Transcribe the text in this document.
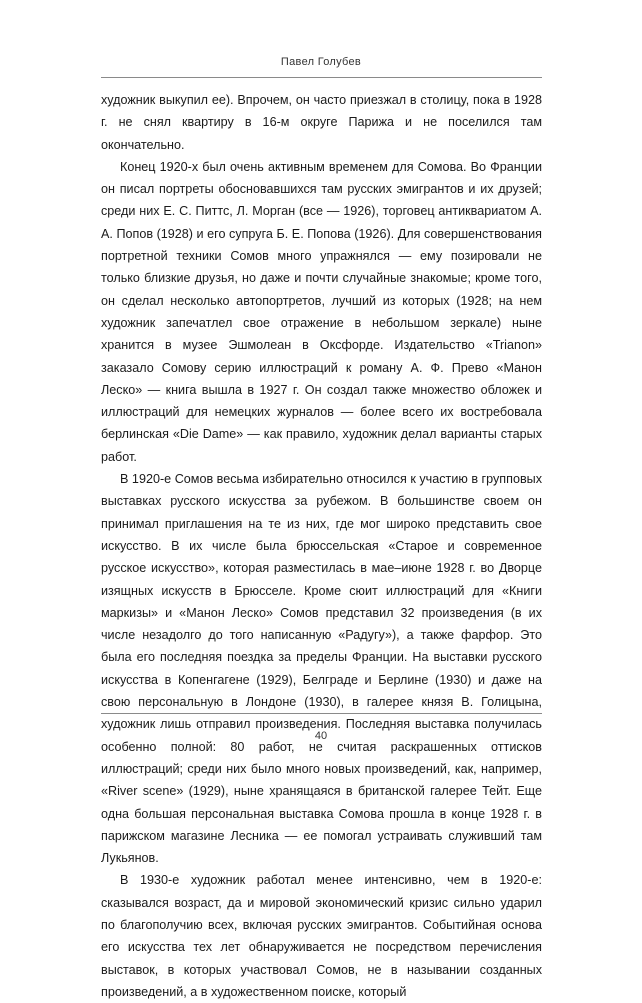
Павел Голубев

художник выкупил ее). Впрочем, он часто приезжал в столицу, пока в 1928 г. не снял квартиру в 16-м округе Парижа и не поселился там окончательно.

Конец 1920-х был очень активным временем для Сомова. Во Франции он писал портреты обосновавшихся там русских эмигрантов и их друзей; среди них Е. С. Питтс, Л. Морган (все — 1926), торговец антиквариатом А. А. Попов (1928) и его супруга Б. Е. Попова (1926). Для совершенствования портретной техники Сомов много упражнялся — ему позировали не только близкие друзья, но даже и почти случайные знакомые; кроме того, он сделал несколько автопортретов, лучший из которых (1928; на нем художник запечатлел свое отражение в небольшом зеркале) ныне хранится в музее Эшмолеан в Оксфорде. Издательство «Trianon» заказало Сомову серию иллюстраций к роману А. Ф. Прево «Манон Леско» — книга вышла в 1927 г. Он создал также множество обложек и иллюстраций для немецких журналов — более всего их востребовала берлинская «Die Dame» — как правило, художник делал варианты старых работ.

В 1920-е Сомов весьма избирательно относился к участию в групповых выставках русского искусства за рубежом. В большинстве своем он принимал приглашения на те из них, где мог широко представить свое искусство. В их числе была брюссельская «Старое и современное русское искусство», которая разместилась в мае–июне 1928 г. во Дворце изящных искусств в Брюсселе. Кроме сюит иллюстраций для «Книги маркизы» и «Манон Леско» Сомов представил 32 произведения (в их числе незадолго до того написанную «Радугу»), а также фарфор. Это была его последняя поездка за пределы Франции. На выставки русского искусства в Копенгагене (1929), Белграде и Берлине (1930) и даже на свою персональную в Лондоне (1930), в галерее князя В. Голицына, художник лишь отправил произведения. Последняя выставка получилась особенно полной: 80 работ, не считая раскрашенных оттисков иллюстраций; среди них было много новых произведений, как, например, «River scene» (1929), ныне хранящаяся в британской галерее Тейт. Еще одна большая персональная выставка Сомова прошла в конце 1928 г. в парижском магазине Лесника — ее помогал устраивать служивший там Лукьянов.

В 1930-е художник работал менее интенсивно, чем в 1920-е: сказывался возраст, да и мировой экономический кризис сильно ударил по благополучию всех, включая русских эмигрантов. Событийная основа его искусства тех лет обнаруживается не посредством перечисления выставок, в которых участвовал Сомов, не в назывании созданных произведений, а в художественном поиске, который

40
